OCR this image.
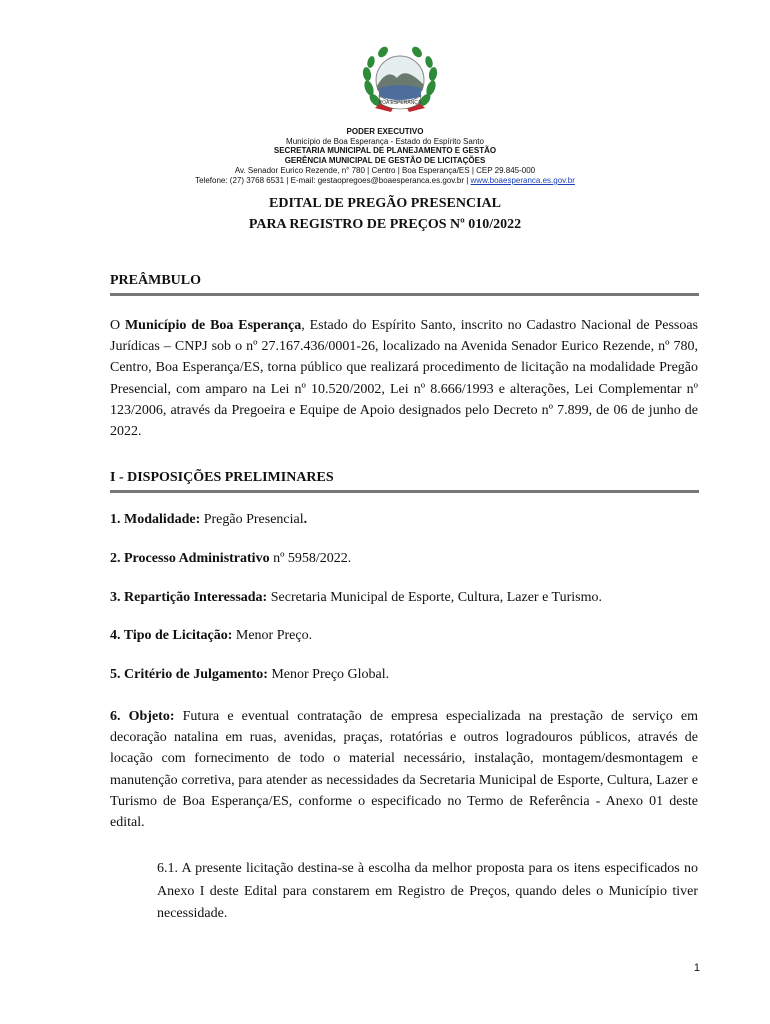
BOA ESPERANÇA
PODER EXECUTIVO
Município de Boa Esperança - Estado do Espírito Santo
SECRETARIA MUNICIPAL DE PLANEJAMENTO E GESTÃO
GERÊNCIA MUNICIPAL DE GESTÃO DE LICITAÇÕES
Av. Senador Eurico Rezende, n° 780 | Centro | Boa Esperança/ES | CEP 29.845-000
Telefone: (27) 3768 6531 | E-mail: gestaopregoes@boaesperanca.es.gov.br | www.boaesperanca.es.gov.br
EDITAL DE PREGÃO PRESENCIAL
PARA REGISTRO DE PREÇOS Nº 010/2022
PREÂMBULO
O Município de Boa Esperança, Estado do Espírito Santo, inscrito no Cadastro Nacional de Pessoas Jurídicas – CNPJ sob o nº 27.167.436/0001-26, localizado na Avenida Senador Eurico Rezende, nº 780, Centro, Boa Esperança/ES, torna público que realizará procedimento de licitação na modalidade Pregão Presencial, com amparo na Lei nº 10.520/2002, Lei nº 8.666/1993 e alterações, Lei Complementar nº 123/2006, através da Pregoeira e Equipe de Apoio designados pelo Decreto nº 7.899, de 06 de junho de 2022.
I - DISPOSIÇÕES PRELIMINARES
1. Modalidade: Pregão Presencial.
2. Processo Administrativo nº 5958/2022.
3. Repartição Interessada: Secretaria Municipal de Esporte, Cultura, Lazer e Turismo.
4. Tipo de Licitação: Menor Preço.
5. Critério de Julgamento: Menor Preço Global.
6. Objeto: Futura e eventual contratação de empresa especializada na prestação de serviço em decoração natalina em ruas, avenidas, praças, rotatórias e outros logradouros públicos, através de locação com fornecimento de todo o material necessário, instalação, montagem/desmontagem e manutenção corretiva, para atender as necessidades da Secretaria Municipal de Esporte, Cultura, Lazer e Turismo de Boa Esperança/ES, conforme o especificado no Termo de Referência - Anexo 01 deste edital.
6.1. A presente licitação destina-se à escolha da melhor proposta para os itens especificados no Anexo I deste Edital para constarem em Registro de Preços, quando deles o Município tiver necessidade.
1
